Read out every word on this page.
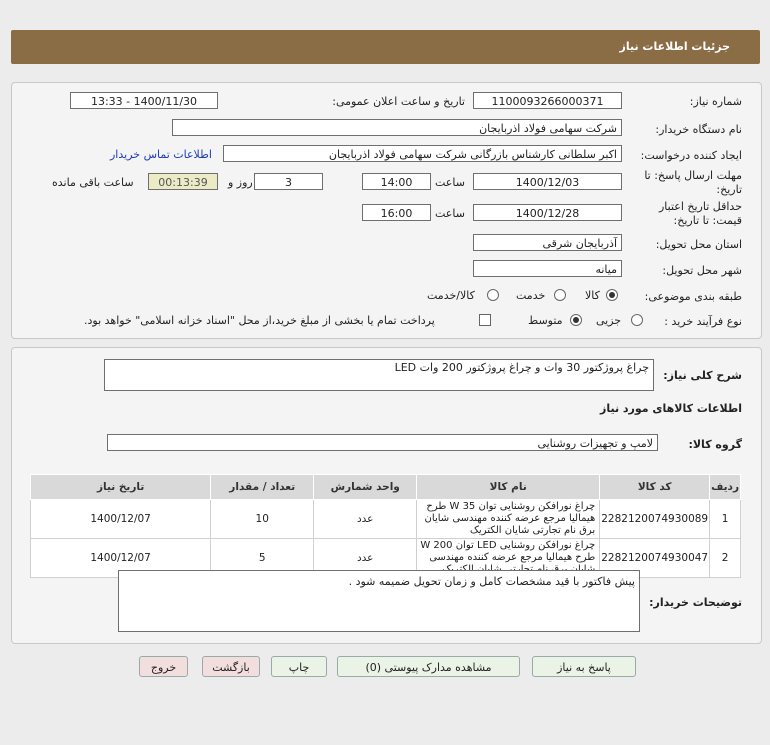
جزئیات اطلاعات نیاز
شماره نیاز:
1100093266000371
تاریخ و ساعت اعلان عمومی:
1400/11/30 - 13:33
نام دستگاه خریدار:
شرکت سهامی فولاد اذربایجان
ایجاد کننده درخواست:
اکبر سلطانی کارشناس بازرگانی شرکت سهامی فولاد اذربایجان
اطلاعات تماس خریدار
مهلت ارسال پاسخ: تا
تاریخ:
1400/12/03
ساعت
14:00
3
روز و
00:13:39
ساعت باقی مانده
حداقل تاریخ اعتبار
قیمت: تا تاریخ:
1400/12/28
ساعت
16:00
استان محل تحویل:
آذربایجان شرقی
شهر محل تحویل:
میانه
طبقه بندی موضوعی:
کالا
خدمت
کالا/خدمت
نوع فرآیند خرید :
جزیی
متوسط
پرداخت تمام یا بخشی از مبلغ خرید،از محل "اسناد خزانه اسلامی" خواهد بود.
شرح کلی نیاز:
چراغ پروژکتور 30 وات و چراغ پروژکتور 200 وات LED
اطلاعات کالاهای مورد نیاز
گروه کالا:
لامپ و تجهیزات روشنایی
ردیف	کد کالا	نام کالا	واحد شمارش	تعداد / مقدار	تاریخ نیاز
1	2282120074930089	چراغ نورافکن روشنایی توان W 35 طرح هیمالیا مرجع عرضه کننده مهندسی شایان برق نام تجارتی شایان الکتریک	عدد	10	1400/12/07
2	2282120074930047	چراغ نورافکن روشنایی LED توان W 200 طرح هیمالیا مرجع عرضه کننده مهندسی	عدد	5	1400/12/07
توضیحات خریدار:
پیش فاکتور با قید مشخصات کامل و زمان تحویل ضمیمه شود .
پاسخ به نیاز
مشاهده مدارک پیوستی (0)
چاپ
بازگشت
خروج
